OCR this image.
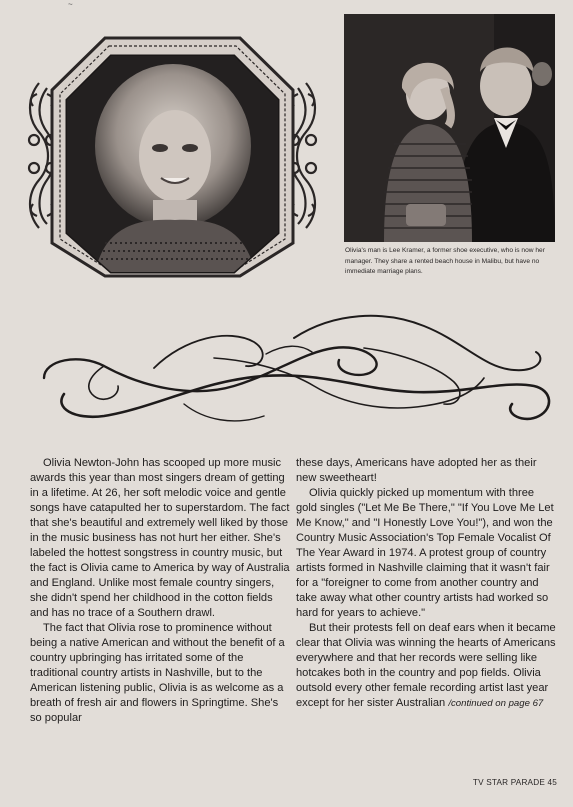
~
Olivia's man is Lee Kramer, a former shoe executive, who is now her manager. They share a rented beach house in Malibu, but have no immediate marriage plans.

Olivia Newton-John has scooped up more music awards this year than most singers dream of getting in a lifetime. At 26, her soft melodic voice and gentle songs have catapulted her to superstardom. The fact that she's beautiful and extremely well liked by those in the music business has not hurt her either. She's labeled the hottest songstress in country music, but the fact is Olivia came to America by way of Australia and England. Unlike most female country singers, she didn't spend her childhood in the cotton fields and has no trace of a Southern drawl.

The fact that Olivia rose to prominence without being a native American and without the benefit of a country upbringing has irritated some of the traditional country artists in Nashville, but to the American listening public, Olivia is as welcome as a breath of fresh air and flowers in Springtime. She's so popular

these days, Americans have adopted her as their new sweetheart!

Olivia quickly picked up momentum with three gold singles ("Let Me Be There," "If You Love Me Let Me Know," and "I Honestly Love You!"), and won the Country Music Association's Top Female Vocalist Of The Year Award in 1974. A protest group of country artists formed in Nashville claiming that it wasn't fair for a "foreigner to come from another country and take away what other country artists had worked so hard for years to achieve."

But their protests fell on deaf ears when it became clear that Olivia was winning the hearts of Americans everywhere and that her records were selling like hotcakes both in the country and pop fields. Olivia outsold every other female recording artist last year except for her sister Australian /continued on page 67

TV STAR PARADE 45
